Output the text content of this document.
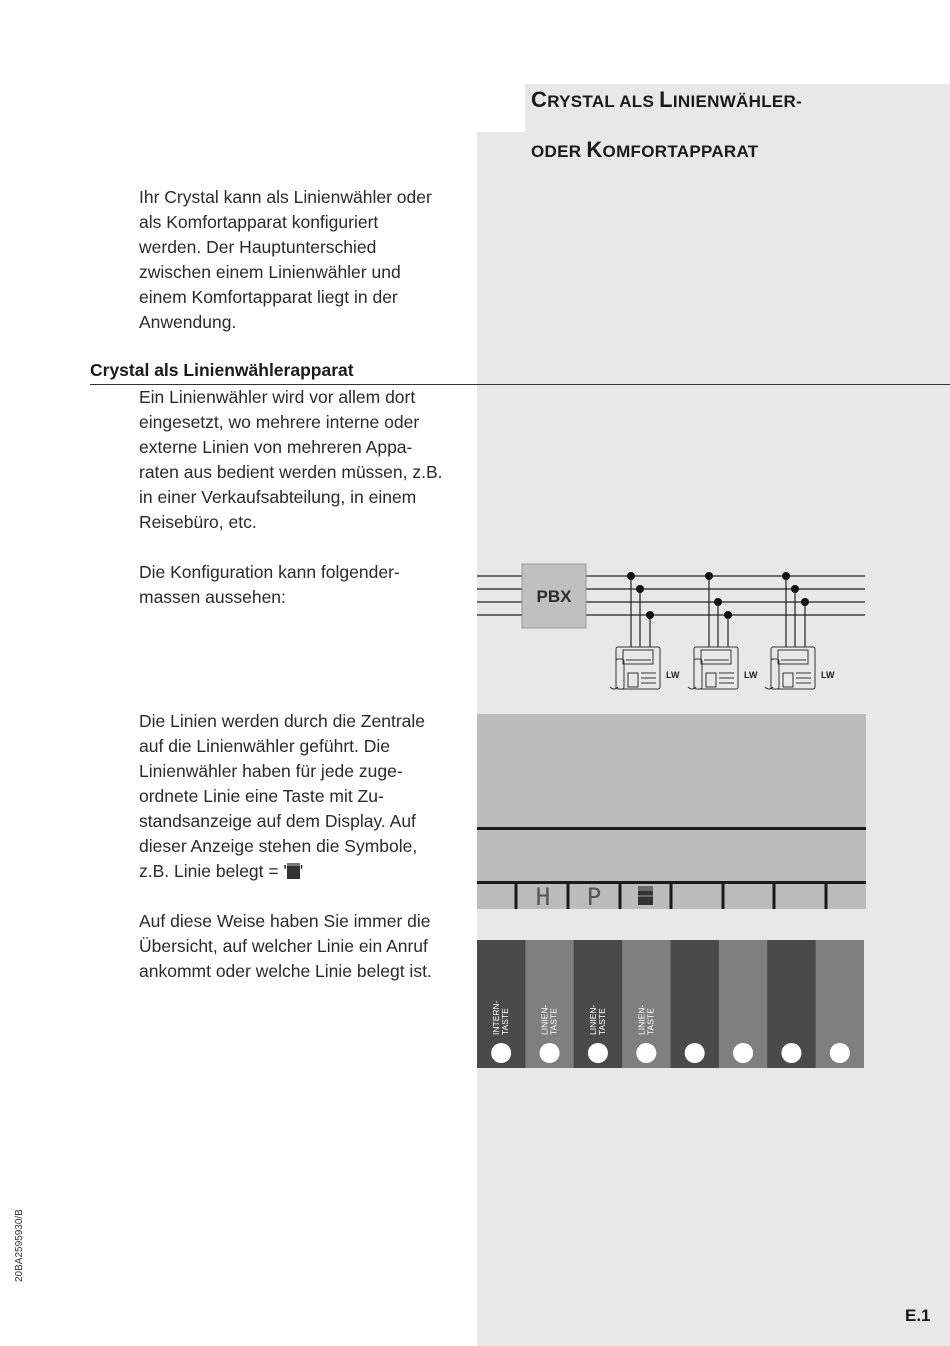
CRYSTAL ALS LINIENWÄHLER-
ODER KOMFORTAPPARAT

Ihr Crystal kann als Linienwähler oder

als Komfortapparat konfiguriert

werden. Der Hauptunterschied

zwischen einem Linienwähler und

einem Komfortapparat liegt in der

Anwendung.

Crystal als Linienwählerapparat

Ein Linienwähler wird vor allem dort

eingesetzt, wo mehrere interne oder

externe Linien von mehreren Appa-

raten aus bedient werden müssen, z.B.

in einer Verkaufsabteilung, in einem

Reisebüro, etc.

Die Konfiguration kann folgender-

massen aussehen:

Die Linien werden durch die Zentrale

auf die Linienwähler geführt. Die

Linienwähler haben für jede zuge-

ordnete Linie eine Taste mit Zu-

standsanzeige auf dem Display. Auf

dieser Anzeige stehen die Symbole,

z.B. Linie belegt = ' '

Auf diese Weise haben Sie immer die

Übersicht, auf welcher Linie ein Anruf

ankommt oder welche Linie belegt ist.

PBX
LW	LW	LW
H P
INTERN-TASTE	LINIEN-TASTE	LINIEN-TASTE	LINIEN-TASTE
20BA2595930/B
E.1
